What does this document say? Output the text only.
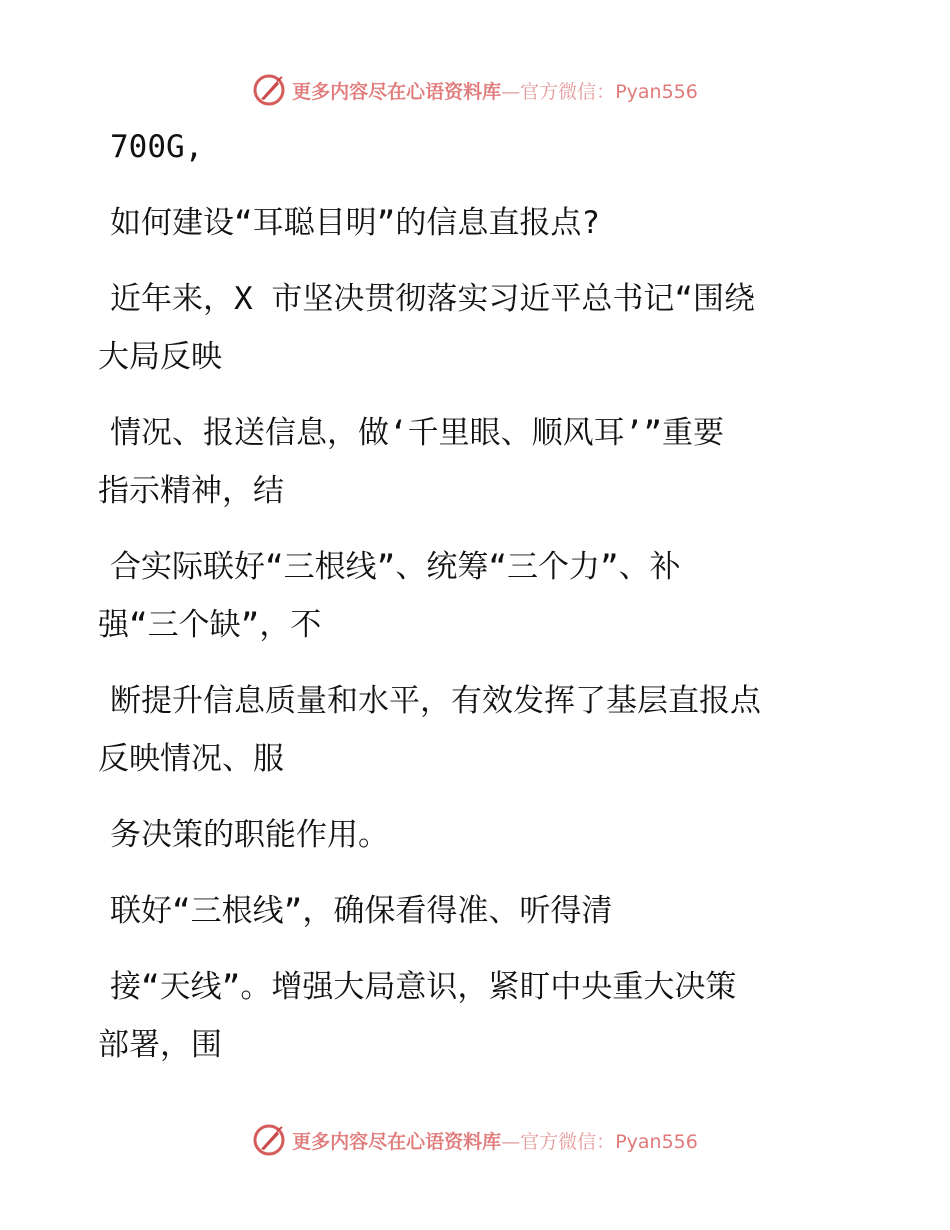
更多内容尽在心语资料库—官方微信：Pyan556

700G,

如何建设“耳聪目明”的信息直报点?

近年来，X 市坚决贯彻落实习近平总书记“围绕
大局反映

情况、报送信息，做‘千里眼、顺风耳’”重要
指示精神，结

合实际联好“三根线”、统筹“三个力”、补
强“三个缺”，不

断提升信息质量和水平，有效发挥了基层直报点
反映情况、服

务决策的职能作用。

联好“三根线”，确保看得准、听得清

接“天线”。增强大局意识，紧盯中央重大决策
部署，围

更多内容尽在心语资料库—官方微信：Pyan556
